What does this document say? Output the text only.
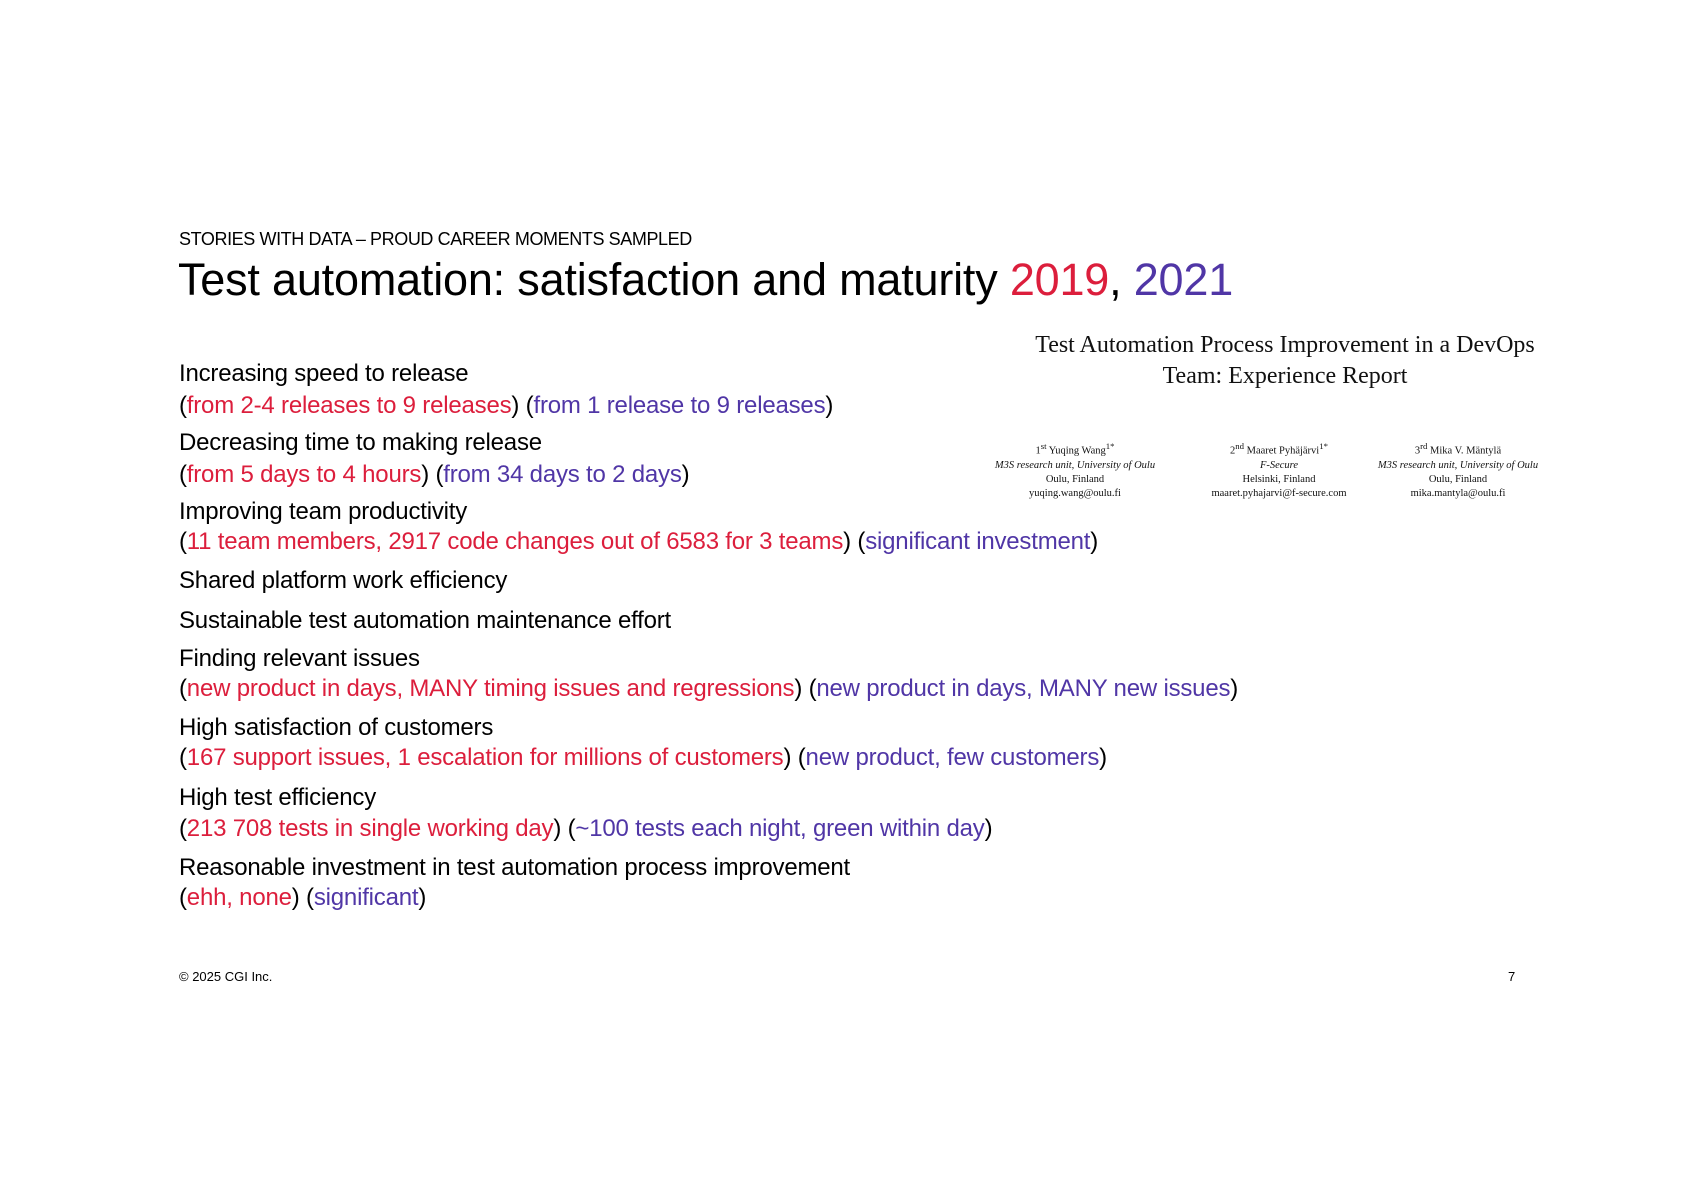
STORIES WITH DATA – PROUD CAREER MOMENTS SAMPLED
Test automation: satisfaction and maturity 2019, 2021
Increasing speed to release
(from 2-4 releases to 9 releases) (from 1 release to 9 releases)
Decreasing time to making release
(from 5 days to 4 hours) (from 34 days to 2 days)
Improving team productivity
(11 team members, 2917 code changes out of 6583 for 3 teams) (significant investment)
Shared platform work efficiency
Sustainable test automation maintenance effort
Finding relevant issues
(new product in days, MANY timing issues and regressions) (new product in days, MANY new issues)
High satisfaction of customers
(167 support issues, 1 escalation for millions of customers) (new product, few customers)
High test efficiency
(213 708 tests in single working day) (~100 tests each night, green within day)
Reasonable investment in test automation process improvement
(ehh, none) (significant)
Test Automation Process Improvement in a DevOps
Team: Experience Report
1st Yuqing Wang$^{1*}$
M3S research unit, University of Oulu
Oulu, Finland
yuqing.wang@oulu.fi
2nd Maaret Pyhäjärvi$^{1*}$
F-Secure
Helsinki, Finland
maaret.pyhajarvi@f-secure.com
3rd Mika V. Mäntylä
M3S research unit, University of Oulu
Oulu, Finland
mika.mantyla@oulu.fi
© 2025 CGI Inc.	7
